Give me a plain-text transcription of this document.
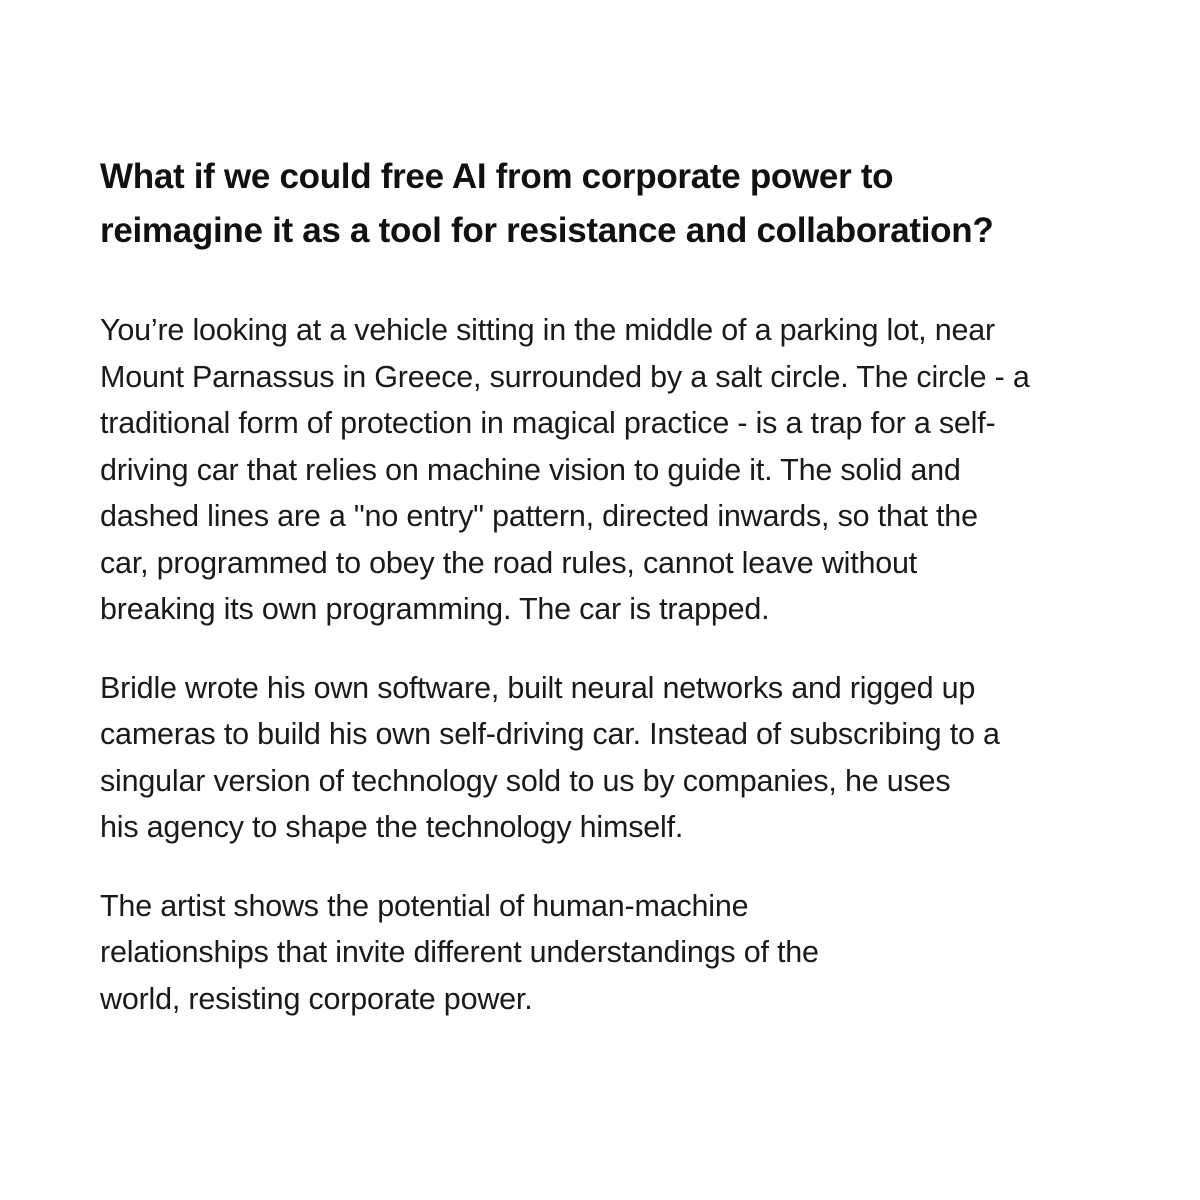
What if we could free AI from corporate power to
reimagine it as a tool for resistance and collaboration?

You’re looking at a vehicle sitting in the middle of a parking lot, near
Mount Parnassus in Greece, surrounded by a salt circle. The circle - a
traditional form of protection in magical practice - is a trap for a self-
driving car that relies on machine vision to guide it. The solid and
dashed lines are a "no entry" pattern, directed inwards, so that the
car, programmed to obey the road rules, cannot leave without
breaking its own programming. The car is trapped.

Bridle wrote his own software, built neural networks and rigged up
cameras to build his own self-driving car. Instead of subscribing to a
singular version of technology sold to us by companies, he uses
his agency to shape the technology himself.

The artist shows the potential of human-machine
relationships that invite different understandings of the
world, resisting corporate power.
